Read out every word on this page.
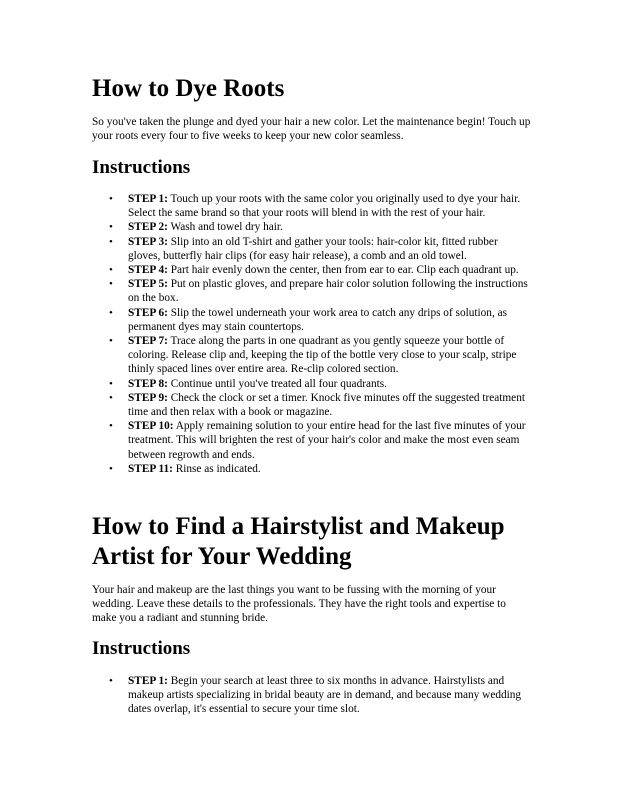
How to Dye Roots

So you've taken the plunge and dyed your hair a new color. Let the maintenance begin! Touch up your roots every four to five weeks to keep your new color seamless.

Instructions
• STEP 1: Touch up your roots with the same color you originally used to dye your hair. Select the same brand so that your roots will blend in with the rest of your hair.
• STEP 2: Wash and towel dry hair.
• STEP 3: Slip into an old T-shirt and gather your tools: hair-color kit, fitted rubber gloves, butterfly hair clips (for easy hair release), a comb and an old towel.
• STEP 4: Part hair evenly down the center, then from ear to ear. Clip each quadrant up.
• STEP 5: Put on plastic gloves, and prepare hair color solution following the instructions on the box.
• STEP 6: Slip the towel underneath your work area to catch any drips of solution, as permanent dyes may stain countertops.
• STEP 7: Trace along the parts in one quadrant as you gently squeeze your bottle of coloring. Release clip and, keeping the tip of the bottle very close to your scalp, stripe thinly spaced lines over entire area. Re-clip colored section.
• STEP 8: Continue until you've treated all four quadrants.
• STEP 9: Check the clock or set a timer. Knock five minutes off the suggested treatment time and then relax with a book or magazine.
• STEP 10: Apply remaining solution to your entire head for the last five minutes of your treatment. This will brighten the rest of your hair's color and make the most even seam between regrowth and ends.
• STEP 11: Rinse as indicated.
How to Find a Hairstylist and Makeup Artist for Your Wedding

Your hair and makeup are the last things you want to be fussing with the morning of your wedding. Leave these details to the professionals. They have the right tools and expertise to make you a radiant and stunning bride.

Instructions
• STEP 1: Begin your search at least three to six months in advance. Hairstylists and makeup artists specializing in bridal beauty are in demand, and because many wedding dates overlap, it's essential to secure your time slot.
